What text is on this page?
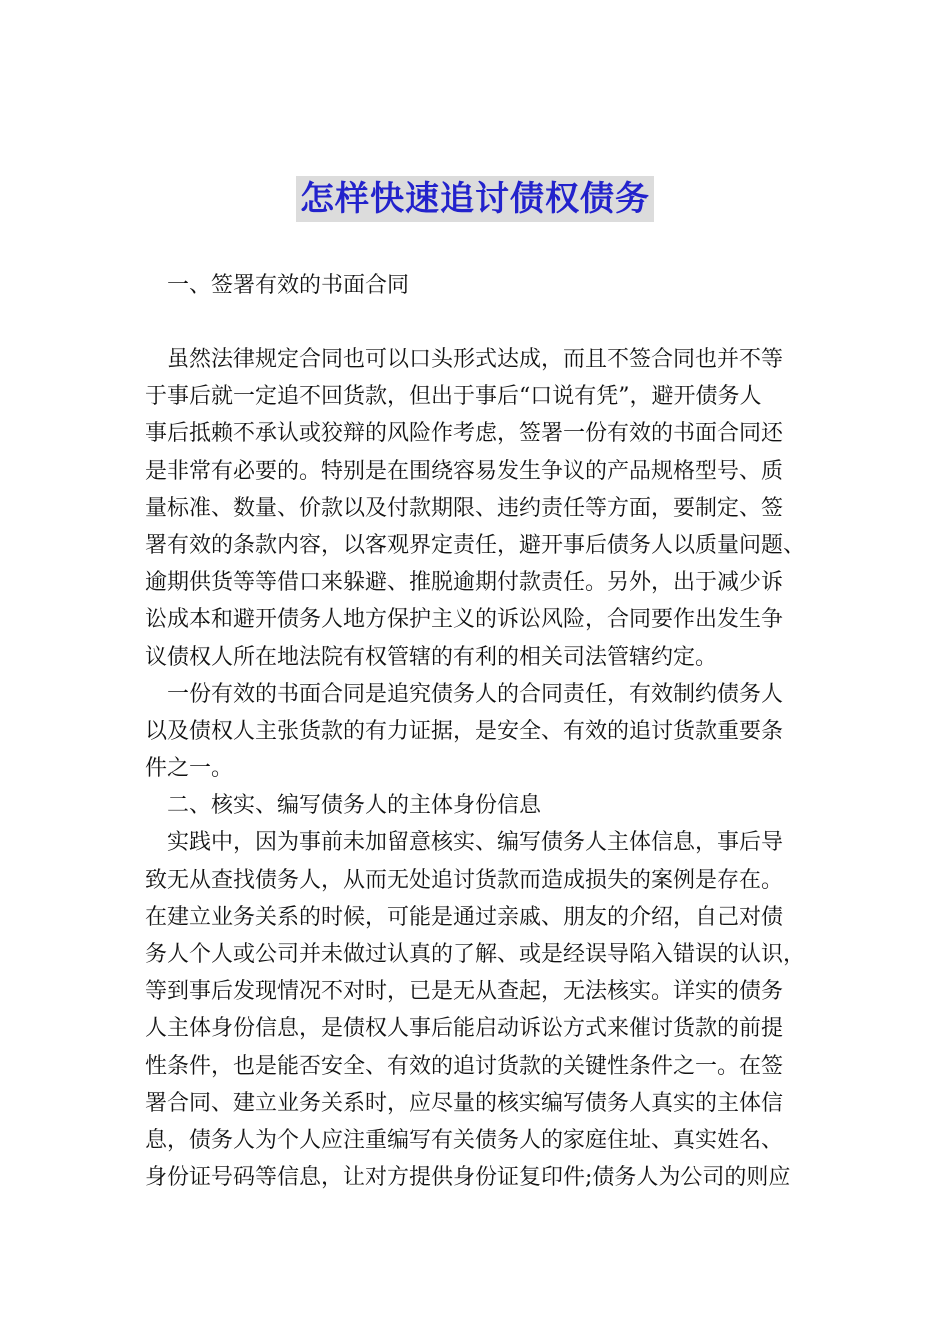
怎样快速追讨债权债务
一、签署有效的书面合同
虽然法律规定合同也可以口头形式达成，而且不签合同也并不等
于事后就一定追不回货款，但出于事后“口说有凭”，避开债务人
事后抵赖不承认或狡辩的风险作考虑，签署一份有效的书面合同还
是非常有必要的。特别是在围绕容易发生争议的产品规格型号、质
量标准、数量、价款以及付款期限、违约责任等方面，要制定、签
署有效的条款内容，以客观界定责任，避开事后债务人以质量问题、
逾期供货等等借口来躲避、推脱逾期付款责任。另外，出于减少诉
讼成本和避开债务人地方保护主义的诉讼风险，合同要作出发生争
议债权人所在地法院有权管辖的有利的相关司法管辖约定。
一份有效的书面合同是追究债务人的合同责任，有效制约债务人
以及债权人主张货款的有力证据，是安全、有效的追讨货款重要条
件之一。
二、核实、编写债务人的主体身份信息
实践中，因为事前未加留意核实、编写债务人主体信息，事后导
致无从查找债务人，从而无处追讨货款而造成损失的案例是存在。
在建立业务关系的时候，可能是通过亲戚、朋友的介绍，自己对债
务人个人或公司并未做过认真的了解、或是经误导陷入错误的认识，
等到事后发现情况不对时，已是无从查起，无法核实。详实的债务
人主体身份信息，是债权人事后能启动诉讼方式来催讨货款的前提
性条件，也是能否安全、有效的追讨货款的关键性条件之一。在签
署合同、建立业务关系时，应尽量的核实编写债务人真实的主体信
息，债务人为个人应注重编写有关债务人的家庭住址、真实姓名、
身份证号码等信息，让对方提供身份证复印件;债务人为公司的则应
